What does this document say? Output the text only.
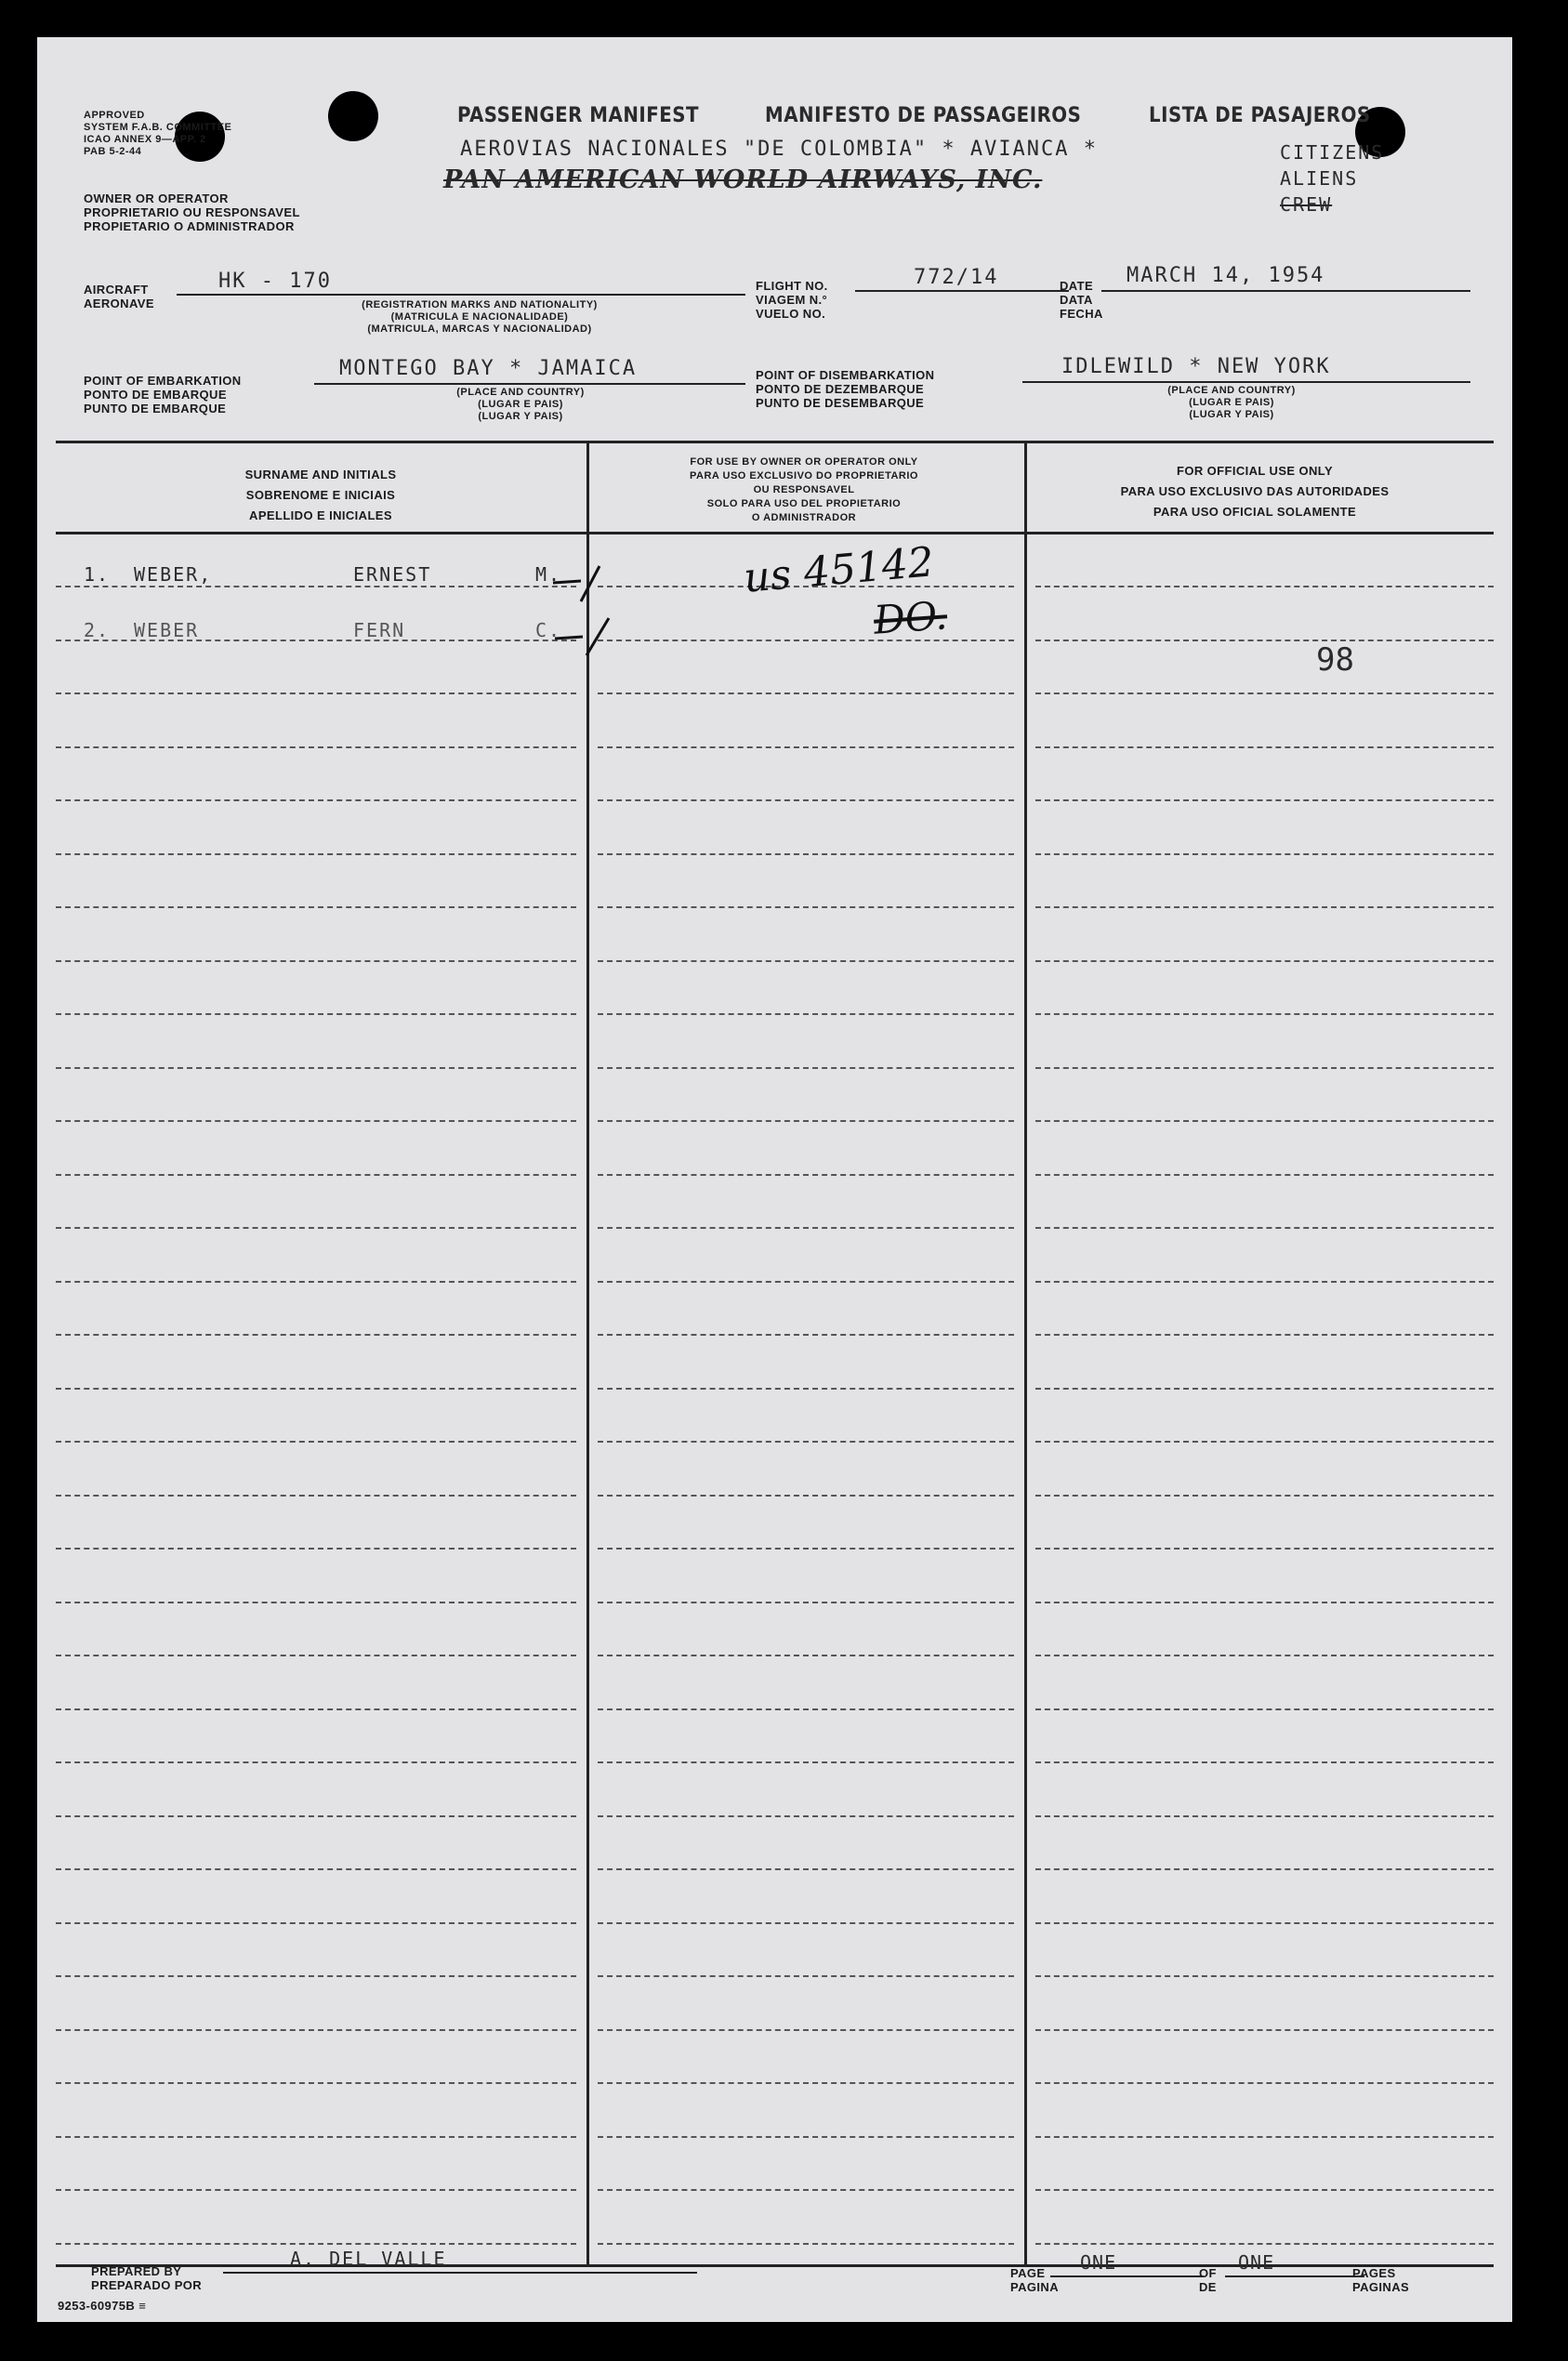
APPROVED
SYSTEM F.A.B. COMMITTEE
ICAO ANNEX 9—APP. 2
PAB 5-2-44
OWNER OR OPERATOR
PROPRIETARIO OU RESPONSAVEL
PROPIETARIO O ADMINISTRADOR
PASSENGER MANIFEST	MANIFESTO DE PASSAGEIROS	LISTA DE PASAJEROS
AEROVIAS NACIONALES "DE COLOMBIA" * AVIANCA *
PAN AMERICAN WORLD AIRWAYS, INC.
CITIZENS
ALIENS
CREW
AIRCRAFT
AERONAVE
HK - 170
(REGISTRATION MARKS AND NATIONALITY)
(MATRICULA E NACIONALIDADE)
(MATRICULA, MARCAS Y NACIONALIDAD)
FLIGHT NO.
VIAGEM N.°
VUELO NO.
772/14	DATE
DATA
FECHA
MARCH 14, 1954
POINT OF EMBARKATION
PONTO DE EMBARQUE
PUNTO DE EMBARQUE
MONTEGO BAY * JAMAICA
(PLACE AND COUNTRY)
(LUGAR E PAIS)
(LUGAR Y PAIS)
POINT OF DISEMBARKATION
PONTO DE DEZEMBARQUE
PUNTO DE DESEMBARQUE
IDLEWILD * NEW YORK
(PLACE AND COUNTRY)
(LUGAR E PAIS)
(LUGAR Y PAIS)
SURNAME AND INITIALS
SOBRENOME E INICIAIS
APELLIDO E INICIALES
FOR USE BY OWNER OR OPERATOR ONLY
PARA USO EXCLUSIVO DO PROPRIETARIO
OU RESPONSAVEL
SOLO PARA USO DEL PROPIETARIO
O ADMINISTRADOR
FOR OFFICIAL USE ONLY
PARA USO EXCLUSIVO DAS AUTORIDADES
PARA USO OFICIAL SOLAMENTE
1. WEBER,	ERNEST	M.
2. WEBER	FERN	C.
us 45142
DO.
98
PREPARED BY
PREPARADO POR
A. DEL VALLE
PAGE
PAGINA
ONE	OF
DE
ONE	PAGES
PAGINAS
9253-60975B ≡
